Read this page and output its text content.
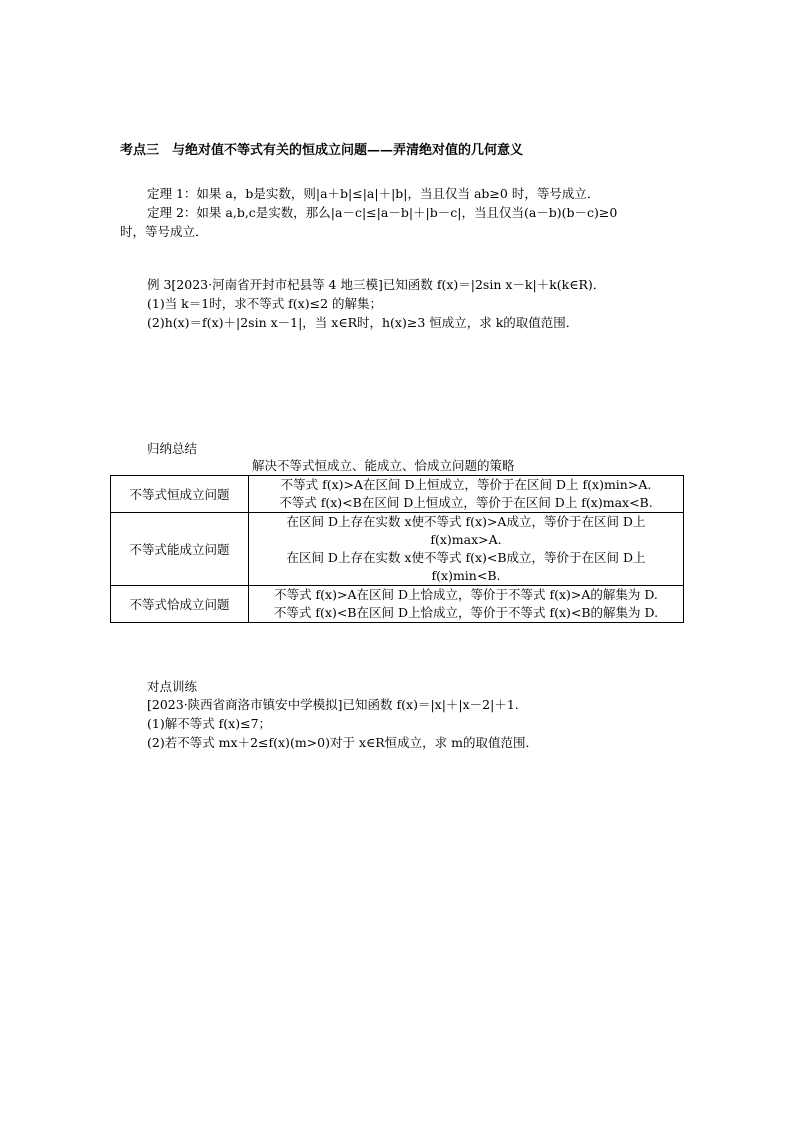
考点三　与绝对值不等式有关的恒成立问题——弄清绝对值的几何意义
定理 1：如果 a，b是实数，则|a＋b|≤|a|＋|b|，当且仅当 ab≥0 时，等号成立．
定理 2：如果 a,b,c是实数，那么|a－c|≤|a－b|＋|b－c|，当且仅当(a－b)(b－c)≥0
时，等号成立．
例 3[2023·河南省开封市杞县等 4 地三模]已知函数 f(x)＝|2sin x－k|＋k(k∈R)．
(1)当 k＝1时，求不等式 f(x)≤2 的解集；
(2)h(x)＝f(x)＋|2sin x－1|，当 x∈R时，h(x)≥3 恒成立，求 k的取值范围．
归纳总结
解决不等式恒成立、能成立、恰成立问题的策略
不等式恒成立问题	不等式 f(x)>A在区间 D上恒成立，等价于在区间 D上 f(x)min>A.
不等式 f(x)<B在区间 D上恒成立，等价于在区间 D上 f(x)max<B.

不等式能成立问题	在区间 D上存在实数 x使不等式 f(x)>A成立，等价于在区间 D上
f(x)max>A.
在区间 D上存在实数 x使不等式 f(x)<B成立，等价于在区间 D上
f(x)min<B.

不等式恰成立问题	不等式 f(x)>A在区间 D上恰成立，等价于不等式 f(x)>A的解集为 D.
不等式 f(x)<B在区间 D上恰成立，等价于不等式 f(x)<B的解集为 D.
对点训练
[2023·陕西省商洛市镇安中学模拟]已知函数 f(x)＝|x|＋|x－2|＋1.
(1)解不等式 f(x)≤7；
(2)若不等式 mx＋2≤f(x)(m>0)对于 x∈R恒成立，求 m的取值范围．
